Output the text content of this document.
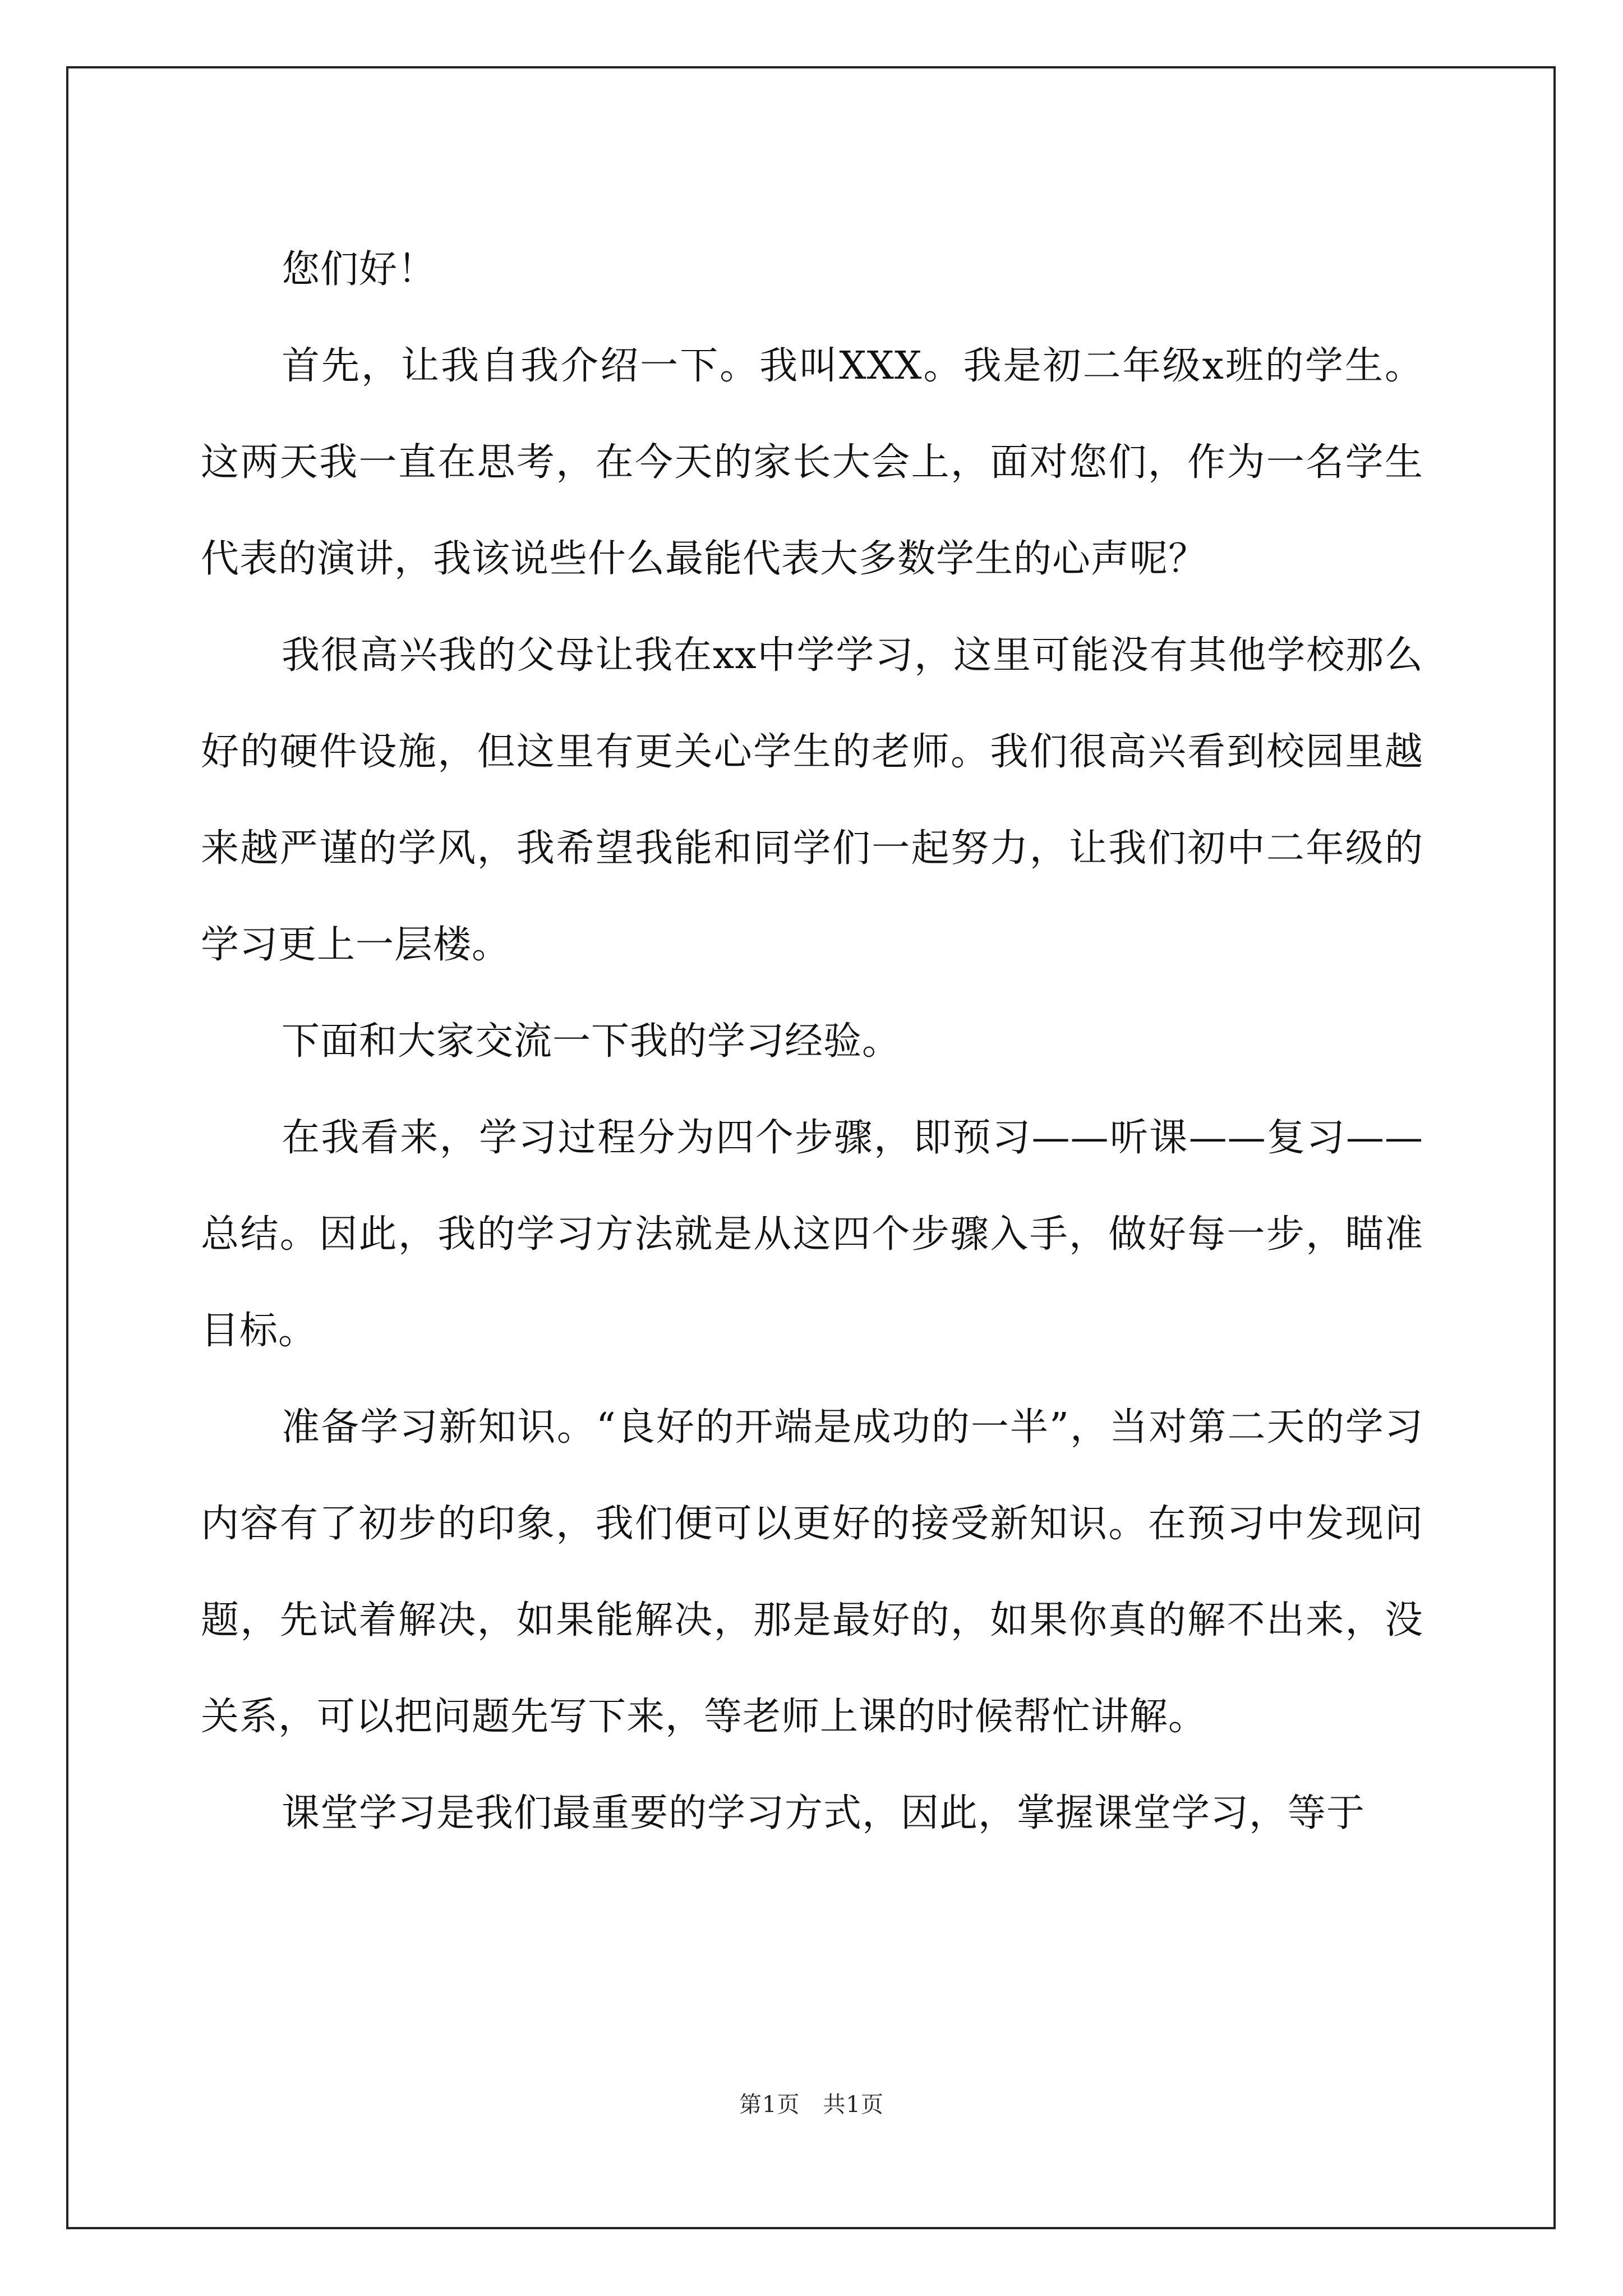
您们好！

首先，让我自我介绍一下。我叫XXX。我是初二年级x班的学生。这两天我一直在思考，在今天的家长大会上，面对您们，作为一名学生代表的演讲，我该说些什么最能代表大多数学生的心声呢？

我很高兴我的父母让我在xx中学学习，这里可能没有其他学校那么好的硬件设施，但这里有更关心学生的老师。我们很高兴看到校园里越来越严谨的学风，我希望我能和同学们一起努力，让我们初中二年级的学习更上一层楼。

下面和大家交流一下我的学习经验。

在我看来，学习过程分为四个步骤，即预习——听课——复习——总结。因此，我的学习方法就是从这四个步骤入手，做好每一步，瞄准目标。

准备学习新知识。“良好的开端是成功的一半”，当对第二天的学习内容有了初步的印象，我们便可以更好的接受新知识。在预习中发现问题，先试着解决，如果能解决，那是最好的，如果你真的解不出来，没关系，可以把问题先写下来，等老师上课的时候帮忙讲解。

课堂学习是我们最重要的学习方式，因此，掌握课堂学习，等于

第1页　共1页
